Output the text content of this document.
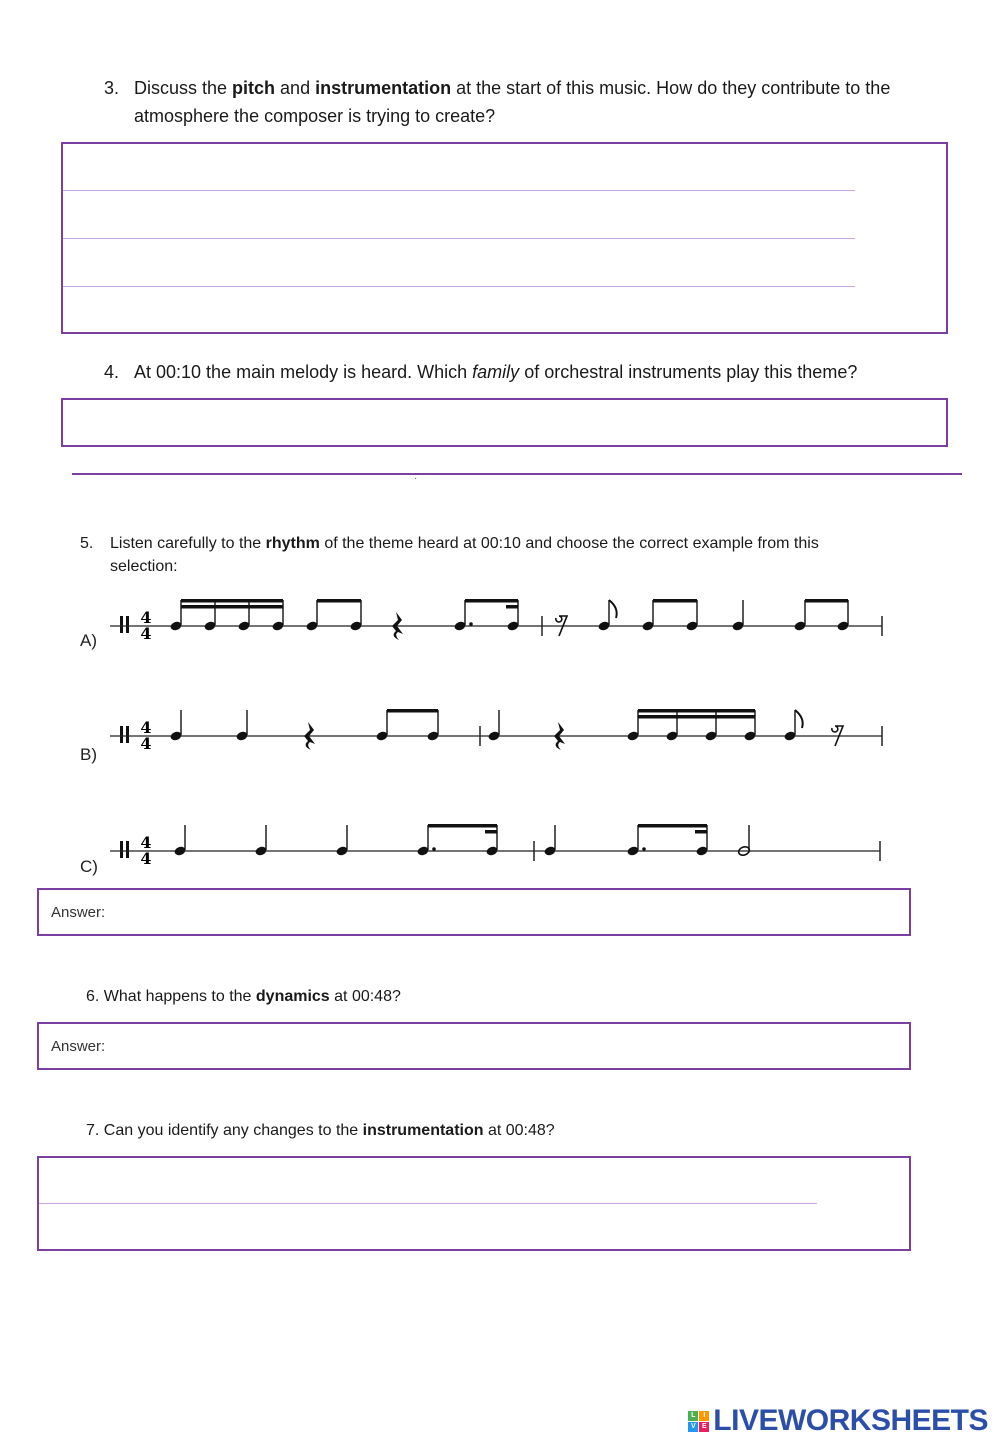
3. Discuss the pitch and instrumentation at the start of this music. How do they contribute to the
atmosphere the composer is trying to create?
4. At 00:10 the main melody is heard. Which family of orchestral instruments play this theme?
·
5. Listen carefully to the rhythm of the theme heard at 00:10 and choose the correct example from this
selection:
A)
B)
C)
4
4
4
4
4
4
Answer:
6. What happens to the dynamics at 00:48?
Answer:
7. Can you identify any changes to the instrumentation at 00:48?
L	I
V E LIVEWORKSHEETS
